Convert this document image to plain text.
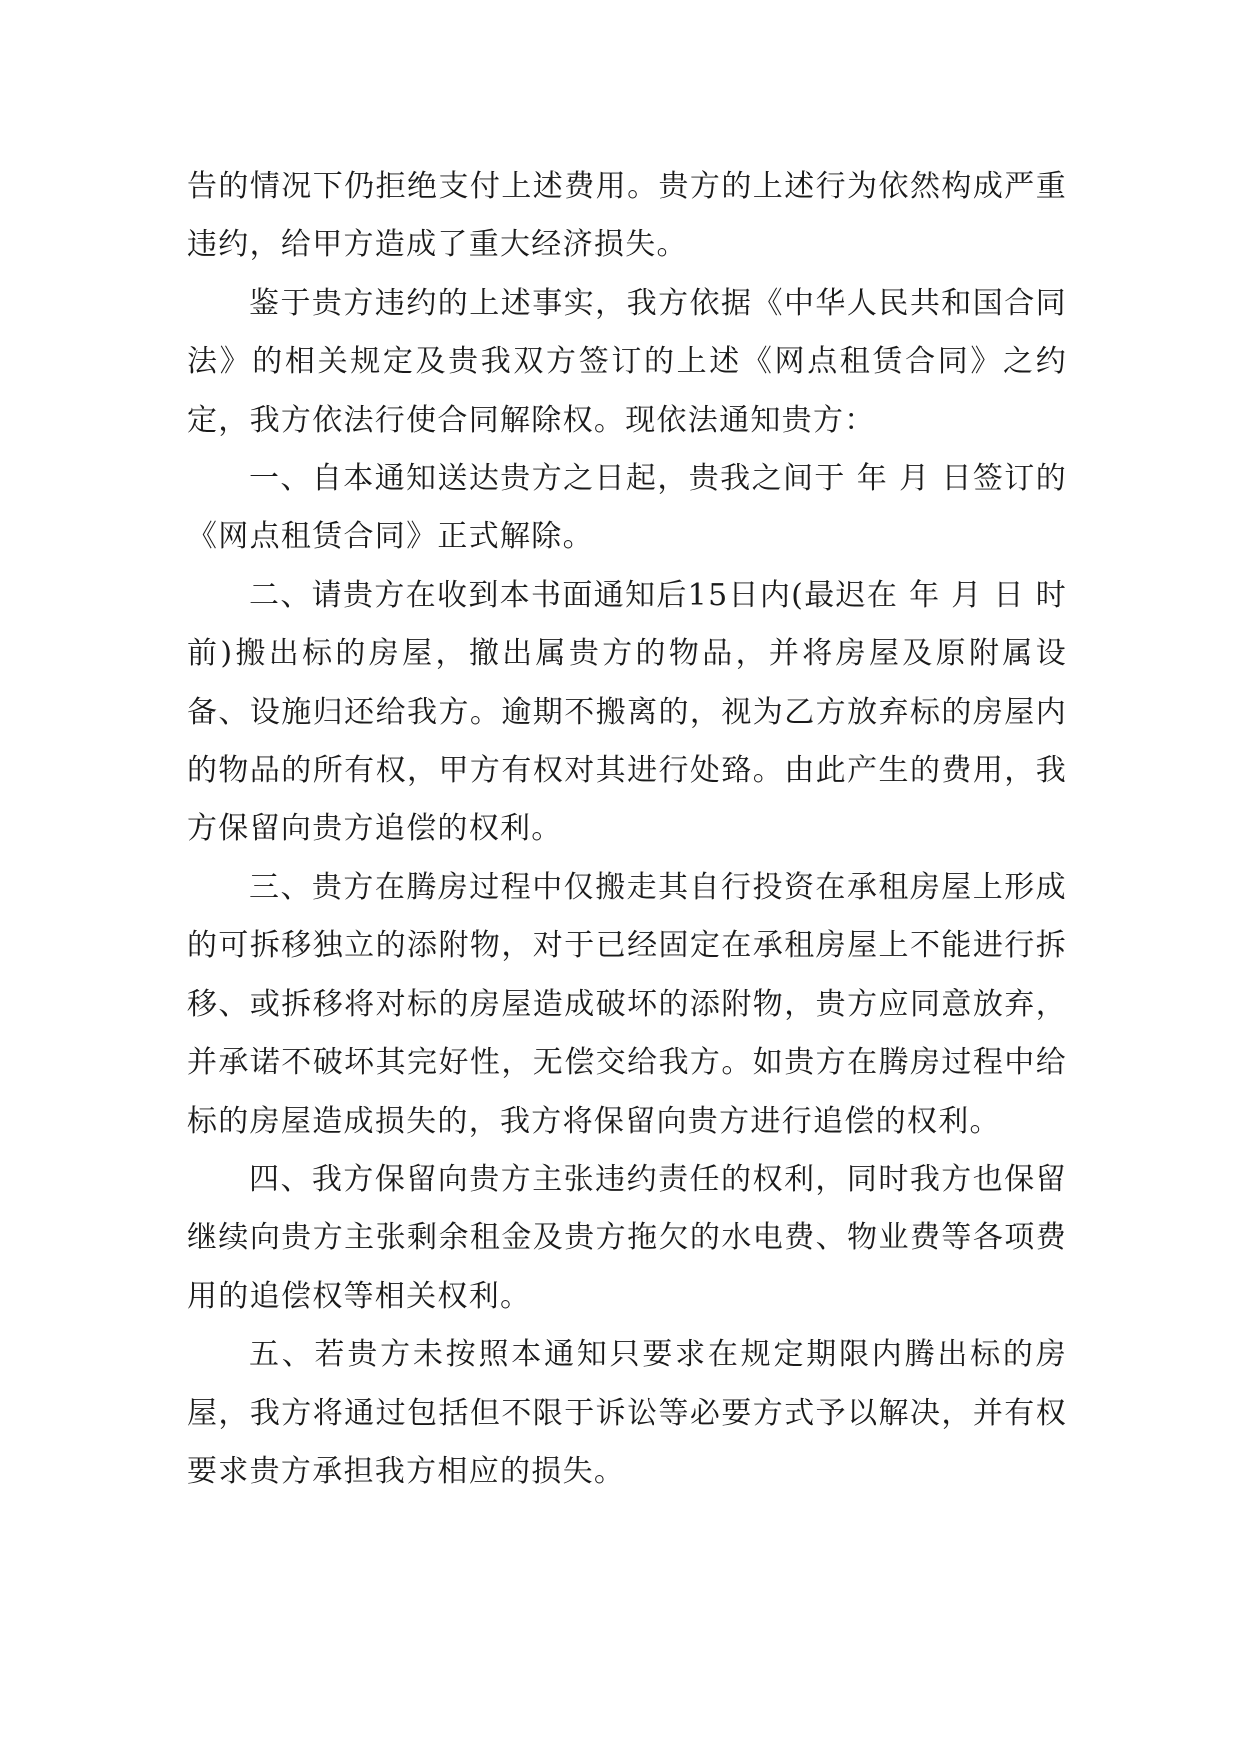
告的情况下仍拒绝支付上述费用。贵方的上述行为依然构成严重违约，给甲方造成了重大经济损失。

鉴于贵方违约的上述事实，我方依据《中华人民共和国合同法》的相关规定及贵我双方签订的上述《网点租赁合同》之约定，我方依法行使合同解除权。现依法通知贵方：

一、自本通知送达贵方之日起，贵我之间于 年 月 日签订的《网点租赁合同》正式解除。

二、请贵方在收到本书面通知后15日内(最迟在 年 月 日 时前)搬出标的房屋，撤出属贵方的物品，并将房屋及原附属设备、设施归还给我方。逾期不搬离的，视为乙方放弃标的房屋内的物品的所有权，甲方有权对其进行处臵。由此产生的费用，我方保留向贵方追偿的权利。

三、贵方在腾房过程中仅搬走其自行投资在承租房屋上形成的可拆移独立的添附物，对于已经固定在承租房屋上不能进行拆移、或拆移将对标的房屋造成破坏的添附物，贵方应同意放弃，并承诺不破坏其完好性，无偿交给我方。如贵方在腾房过程中给标的房屋造成损失的，我方将保留向贵方进行追偿的权利。

四、我方保留向贵方主张违约责任的权利，同时我方也保留继续向贵方主张剩余租金及贵方拖欠的水电费、物业费等各项费用的追偿权等相关权利。

五、若贵方未按照本通知只要求在规定期限内腾出标的房屋，我方将通过包括但不限于诉讼等必要方式予以解决，并有权要求贵方承担我方相应的损失。
